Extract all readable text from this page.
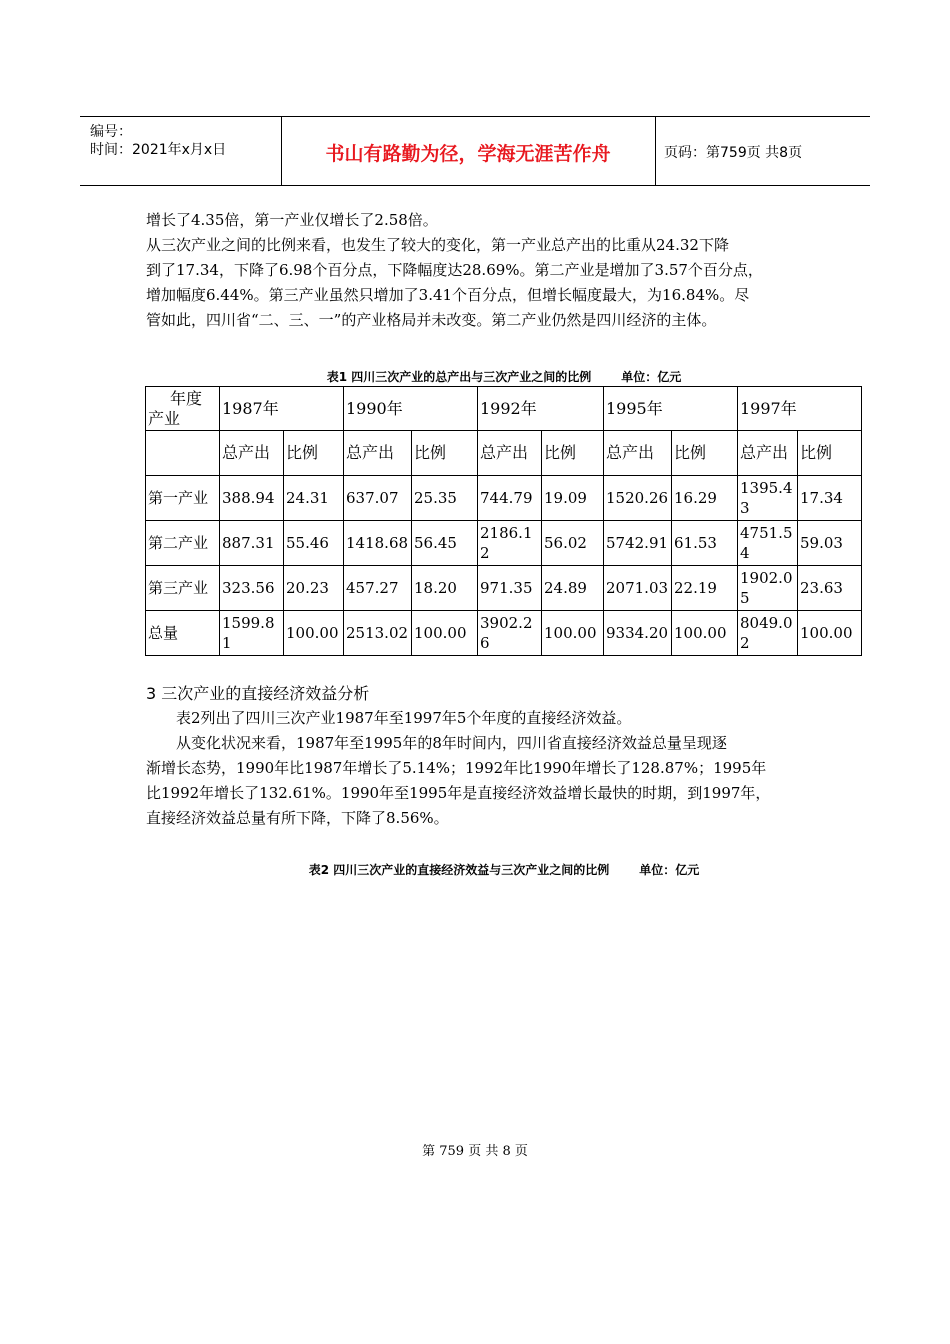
编号：
时间：2021年x月x日	书山有路勤为径，学海无涯苦作舟	页码：第759页 共8页

增长了4.35倍，第一产业仅增长了2.58倍。

从三次产业之间的比例来看，也发生了较大的变化，第一产业总产出的比重从24.32下降

到了17.34，下降了6.98个百分点，下降幅度达28.69%。第二产业是增加了3.57个百分点，

增加幅度6.44%。第三产业虽然只增加了3.41个百分点，但增长幅度最大，为16.84%。尽

管如此，四川省“二、三、一”的产业格局并未改变。第二产业仍然是四川经济的主体。

表1 四川三次产业的总产出与三次产业之间的比例	单位：亿元
年度
产业	1987年		1990年		1992年		1995年		1997年	
	总产出	比例	总产出	比例	总产出	比例	总产出	比例	总产出	比例
第一产业	388.94	24.31	637.07	25.35	744.79	19.09	1520.26	16.29	1395.43	17.34
第二产业	887.31	55.46	1418.68	56.45	2186.12	56.02	5742.91	61.53	4751.54	59.03
第三产业	323.56	20.23	457.27	18.20	971.35	24.89	2071.03	22.19	1902.05	23.63
总量	1599.81	100.00	2513.02	100.00	3902.26	100.00	9334.20	100.00	8049.02	100.00
3 三次产业的直接经济效益分析

表2列出了四川三次产业1987年至1997年5个年度的直接经济效益。

从变化状况来看，1987年至1995年的8年时间内，四川省直接经济效益总量呈现逐

渐增长态势，1990年比1987年增长了5.14%；1992年比1990年增长了128.87%；1995年

比1992年增长了132.61%。1990年至1995年是直接经济效益增长最快的时期，到1997年，

直接经济效益总量有所下降，下降了8.56%。

表2 四川三次产业的直接经济效益与三次产业之间的比例	单位：亿元
第 759 页 共 8 页
